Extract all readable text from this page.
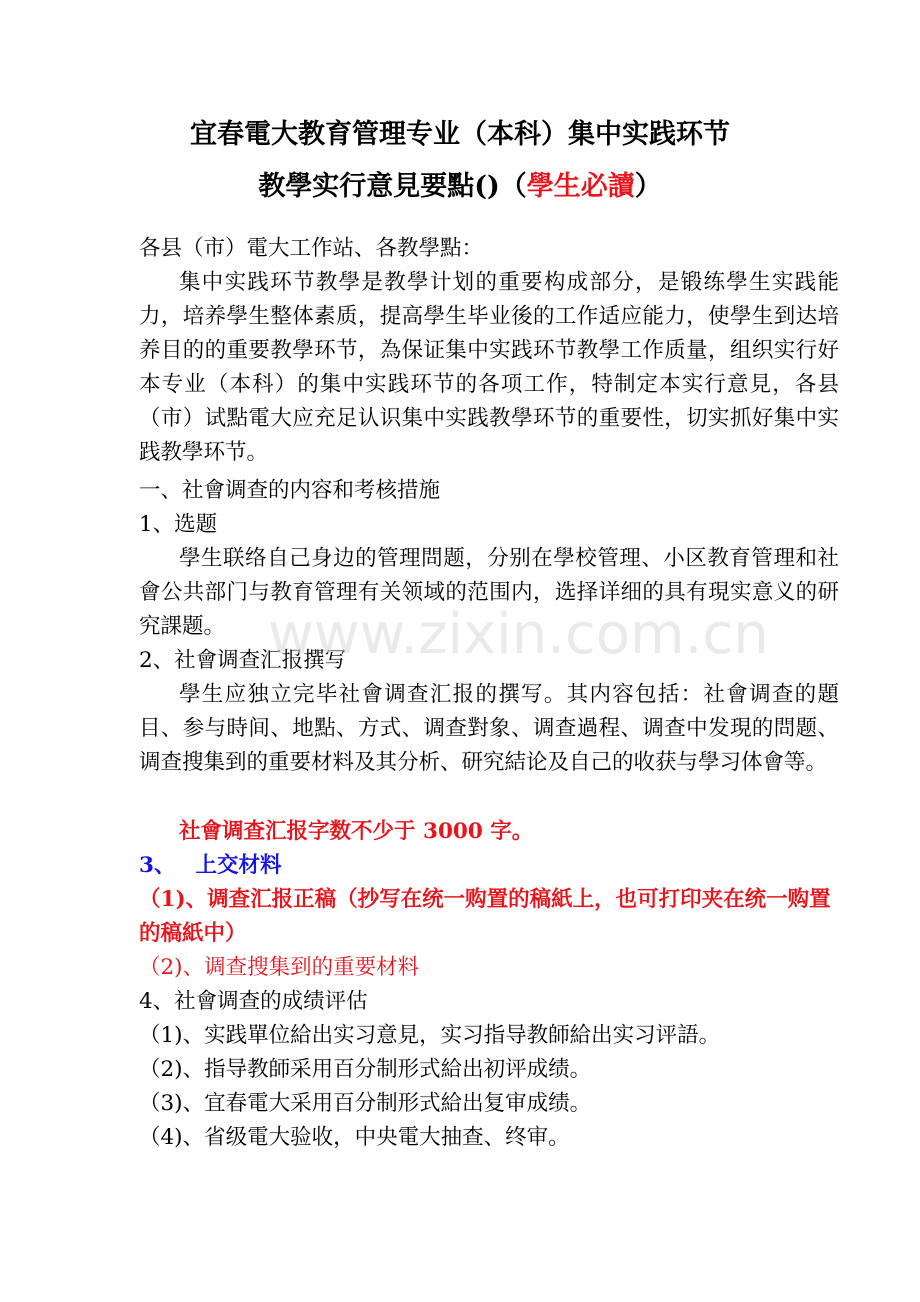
宜春電大教育管理专业（本科）集中实践环节
教學实行意見要點()（學生必讀）
各县（市）電大工作站、各教學點：
集中实践环节教學是教學计划的重要构成部分，是锻练學生实践能力，培养學生整体素质，提高學生毕业後的工作适应能力，使學生到达培养目的的重要教學环节，為保证集中实践环节教學工作质量，组织实行好本专业（本科）的集中实践环节的各项工作，特制定本实行意見，各县（市）试點電大应充足认识集中实践教學环节的重要性，切实抓好集中实践教學环节。
一、社會调查的内容和考核措施
1、选题
學生联络自己身边的管理問题，分别在學校管理、小区教育管理和社會公共部门与教育管理有关领域的范围内，选择详细的具有現实意义的研究課题。
2、社會调查汇报撰写
學生应独立完毕社會调查汇报的撰写。其内容包括：社會调查的題目、参与時间、地點、方式、调查對象、调查過程、调查中发現的問题、调查搜集到的重要材料及其分析、研究結论及自己的收获与學习体會等。
社會调查汇报字数不少于 3000 字。
3、 上交材料
（1)、调查汇报正稿（抄写在统一购置的稿紙上，也可打印夹在统一购置的稿紙中）
（2)、调查搜集到的重要材料
4、社會调查的成绩评估
（1)、实践單位給出实习意見，实习指导教師給出实习评語。
（2)、指导教師采用百分制形式給出初评成绩。
（3)、宜春電大采用百分制形式給出复审成绩。
（4)、省级電大验收，中央電大抽查、终审。
www.zixin.com.cn
